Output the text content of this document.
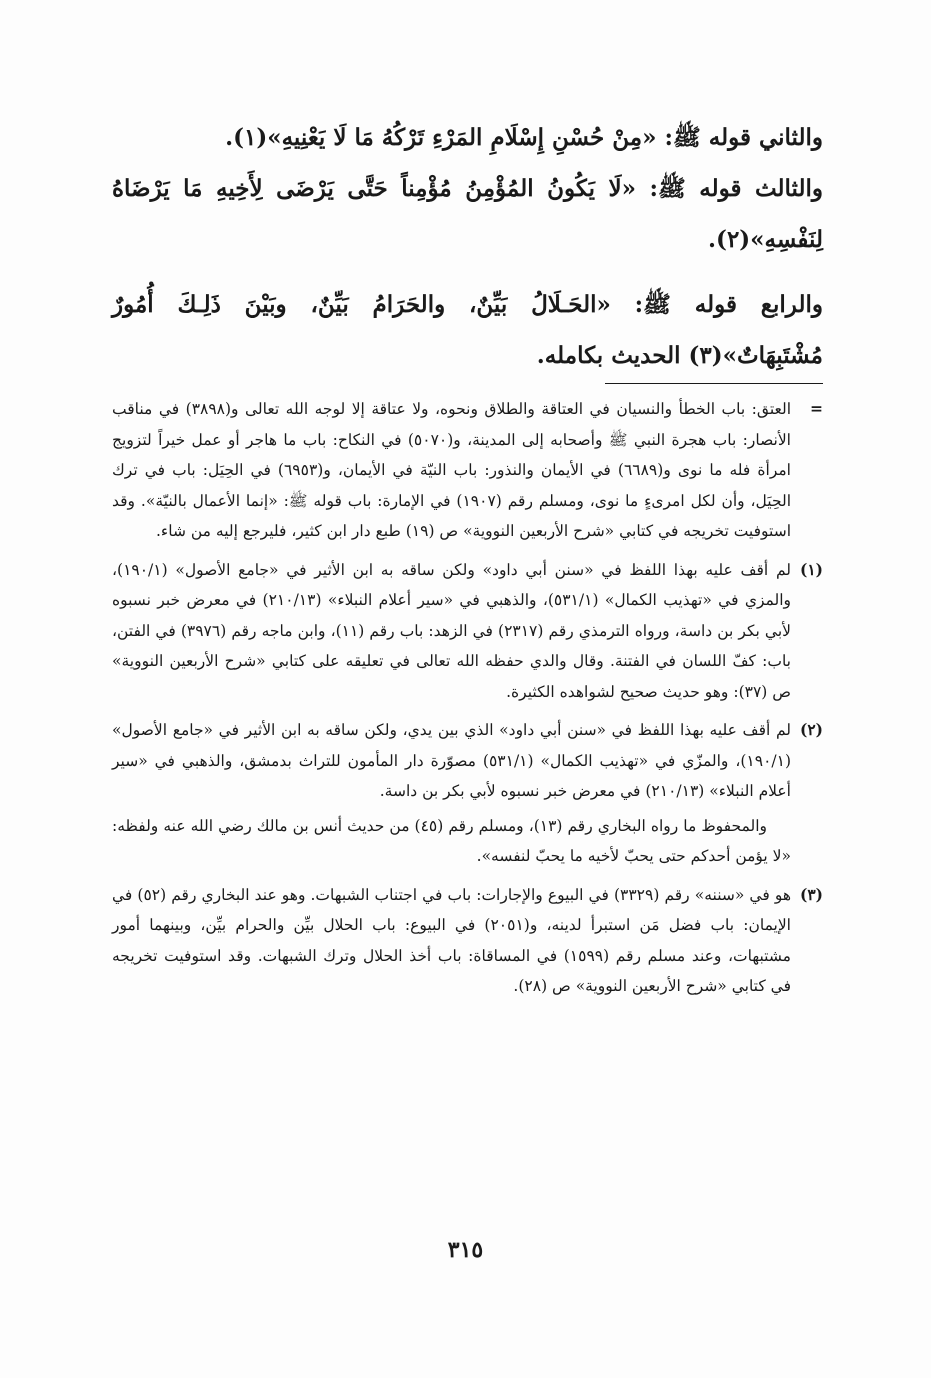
والثاني قوله ﷺ: «مِنْ حُسْنِ إِسْلَامِ المَرْءِ تَرْكُهُ مَا لَا يَعْنِيهِ»(١).

والثالث قوله ﷺ: «لَا يَكُونُ المُؤْمِنُ مُؤْمِناً حَتَّى يَرْضَى لِأَخِيهِ مَا يَرْضَاهُ لِنَفْسِهِ»(٢).

والرابع قوله ﷺ: «الحَـلَالُ بَيِّنٌ، والحَرَامُ بَيِّنٌ، وبَيْنَ ذَلِـكَ أُمُورٌ مُشْتَبِهَاتٌ»(٣) الحديث بكامله.

=
العتق: باب الخطأ والنسيان في العتاقة والطلاق ونحوه، ولا عتاقة إلا لوجه الله تعالى و(٣٨٩٨) في مناقب الأنصار: باب هجرة النبي ﷺ وأصحابه إلى المدينة، و(٥٠٧٠) في النكاح: باب ما هاجر أو عمل خيراً لتزويج امرأة فله ما نوى و(٦٦٨٩) في الأيمان والنذور: باب النيّة في الأيمان، و(٦٩٥٣) في الحِيَل: باب في ترك الحِيَل، وأن لكل امرىءٍ ما نوى، ومسلم رقم (١٩٠٧) في الإمارة: باب قوله ﷺ: «إنما الأعمال بالنيّة». وقد استوفيت تخريجه في كتابي «شرح الأربعين النووية» ص (١٩) طبع دار ابن كثير، فليرجع إليه من شاء.

(١)
لم أقف عليه بهذا اللفظ في «سنن أبي داود» ولكن ساقه به ابن الأثير في «جامع الأصول» (١٩٠/١)، والمزي في «تهذيب الكمال» (٥٣١/١)، والذهبي في «سير أعلام النبلاء» (٢١٠/١٣) في معرض خبر نسبوه لأبي بكر بن داسة، ورواه الترمذي رقم (٢٣١٧) في الزهد: باب رقم (١١)، وابن ماجه رقم (٣٩٧٦) في الفتن، باب: كفّ اللسان في الفتنة. وقال والدي حفظه الله تعالى في تعليقه على كتابي «شرح الأربعين النووية» ص (٣٧): وهو حديث صحيح لشواهده الكثيرة.

(٢)
لم أقف عليه بهذا اللفظ في «سنن أبي داود» الذي بين يدي، ولكن ساقه به ابن الأثير في «جامع الأصول» (١٩٠/١)، والمزّي في «تهذيب الكمال» (٥٣١/١) مصوّرة دار المأمون للتراث بدمشق، والذهبي في «سير أعلام النبلاء» (٢١٠/١٣) في معرض خبر نسبوه لأبي بكر بن داسة.

والمحفوظ ما رواه البخاري رقم (١٣)، ومسلم رقم (٤٥) من حديث أنس بن مالك رضي الله عنه ولفظه: «لا يؤمن أحدكم حتى يحبّ لأخيه ما يحبّ لنفسه».

(٣)
هو في «سننه» رقم (٣٣٢٩) في البيوع والإجارات: باب في اجتناب الشبهات. وهو عند البخاري رقم (٥٢) في الإيمان: باب فضل مَن استبرأ لدينه، و(٢٠٥١) في البيوع: باب الحلال بيِّن والحرام بيِّن، وبينهما أمور مشتبهات، وعند مسلم رقم (١٥٩٩) في المساقاة: باب أخذ الحلال وترك الشبهات. وقد استوفيت تخريجه في كتابي «شرح الأربعين النووية» ص (٢٨).

٣١٥
